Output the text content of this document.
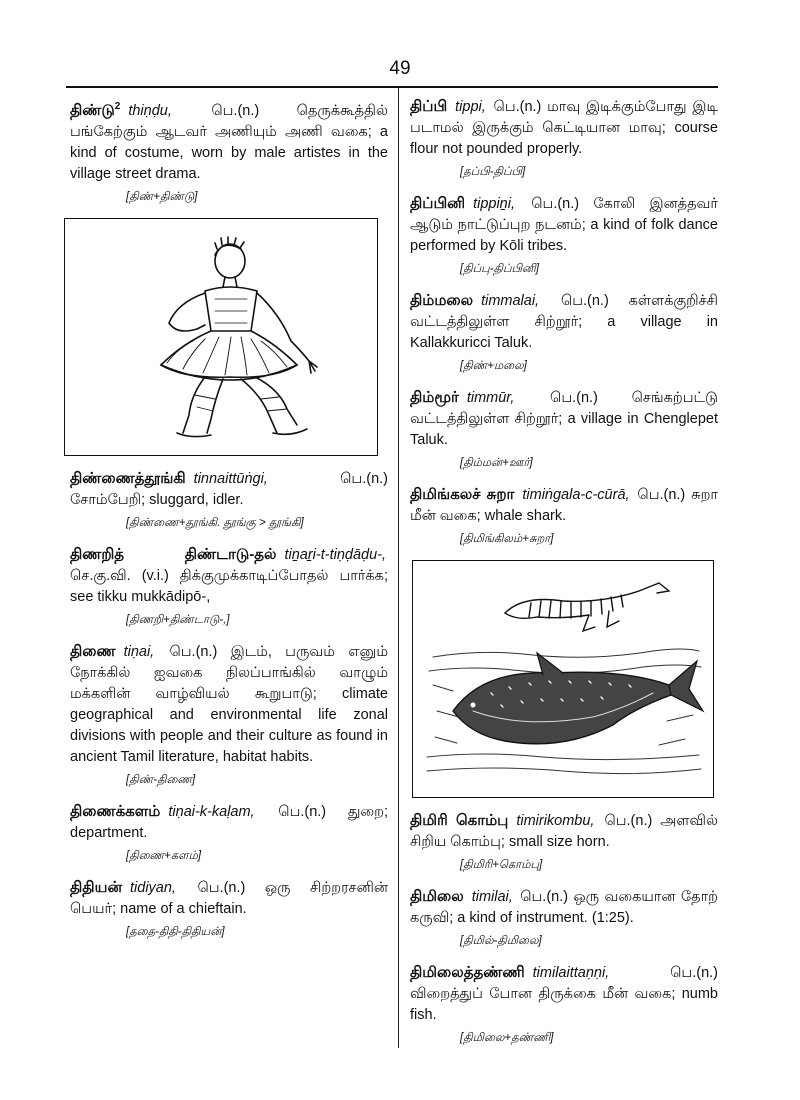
49
திண்டு$^2$ thiṇḍu,	பெ.(n.) தெருக்கூத்தில் பங்கேற்கும் ஆடவர் அணியும் அணி வகை; a kind of costume, worn by male artistes in the village street drama.
[திண்+திண்டு]
திண்ணைத்தூங்கி tinnaittūṅgi,	பெ.(n.) சோம்பேறி; sluggard, idler.
[திண்ணை+தூங்கி. தூங்கு > தூங்கி]
திணறித் திண்டாடு-தல் tiṉaṟi-t-tiṇḍāḍu-, செ.கு.வி. (v.i.) திக்குமுக்காடிப்போதல் பார்க்க; see tikku mukkādipō-,
[திணறி+திண்டாடு-,]
திணை tiṇai, பெ.(n.) இடம், பருவம் எனும் நோக்கில் ஐவகை நிலப்பாங்கில் வாழும் மக்களின் வாழ்வியல் கூறுபாடு; climate geographical and environmental life zonal divisions with people and their culture as found in ancient Tamil literature, habitat habits.
[திண்-திணை]
திணைக்களம் tiṇai-k-kaḷam, பெ.(n.) துறை; department.
[திணை+களம்]
திதியன் tidiyan, பெ.(n.) ஒரு சிற்றரசனின் பெயர்; name of a chieftain.
[ததை-திதி-திதியன்]
திப்பி tippi, பெ.(n.) மாவு இடிக்கும்போது இடி படாமல் இருக்கும் கெட்டியான மாவு; course flour not pounded properly.
[தப்பி-திப்பி]
திப்பினி tippiṉi, பெ.(n.) கோலி இனத்தவர் ஆடும் நாட்டுப்புற நடனம்; a kind of folk dance performed by Kōli tribes.
[திப்பு-திப்பினி]
திம்மலை timmalai, பெ.(n.) கள்ளக்குறிச்சி வட்டத்திலுள்ள சிற்றூர்; a village in Kallakkuricci Taluk.
[திண்+மலை]
திம்மூர் timmūr, பெ.(n.) செங்கற்பட்டு வட்டத்திலுள்ள சிற்றூர்; a village in Chenglepet Taluk.
[திம்மன்+ஊர்]
திமிங்கலச் சுறா timiṅgala-c-cūrā, பெ.(n.) சுறா மீன் வகை; whale shark.
[திமிங்கிலம்+சுறா]
திமிரி கொம்பு timirikombu, பெ.(n.) அளவில் சிறிய கொம்பு; small size horn.
[திமிரி+கொம்பு]
திமிலை timilai, பெ.(n.) ஒரு வகையான தோற் கருவி; a kind of instrument. (1:25).
[திமில்-திமிலை]
திமிலைத்தண்ணி timilaittaṇṇi,	பெ.(n.) விறைத்துப் போன திருக்கை மீன் வகை; numb fish.
[திமிலை+தண்ணி]
